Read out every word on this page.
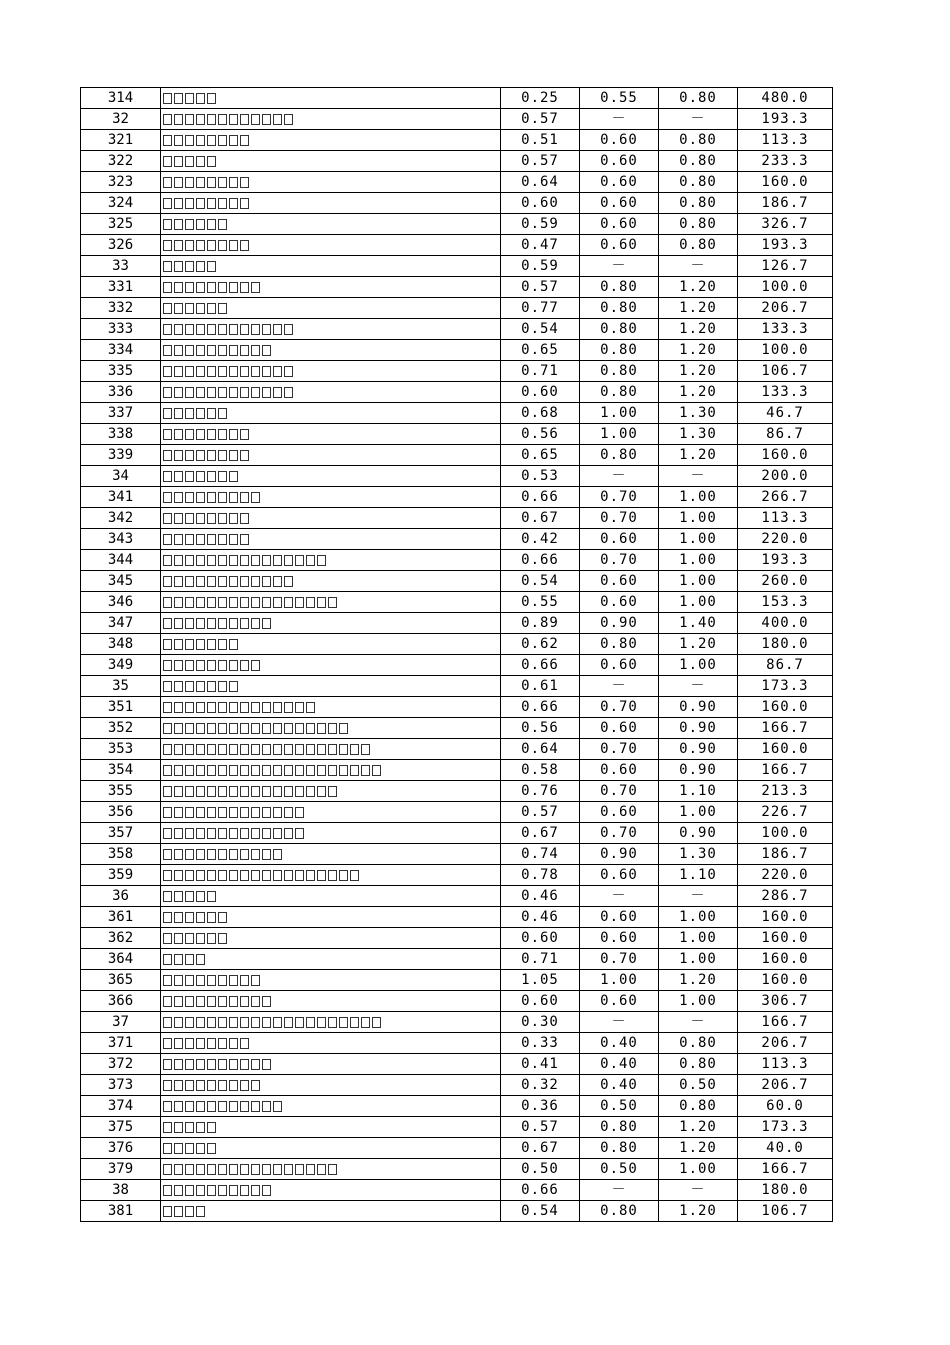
314		0.25	0.55	0.80	480.0
32		0.57	－	－	193.3
321		0.51	0.60	0.80	113.3
322		0.57	0.60	0.80	233.3
323		0.64	0.60	0.80	160.0
324		0.60	0.60	0.80	186.7
325		0.59	0.60	0.80	326.7
326		0.47	0.60	0.80	193.3
33		0.59	－	－	126.7
331		0.57	0.80	1.20	100.0
332		0.77	0.80	1.20	206.7
333		0.54	0.80	1.20	133.3
334		0.65	0.80	1.20	100.0
335		0.71	0.80	1.20	106.7
336		0.60	0.80	1.20	133.3
337		0.68	1.00	1.30	46.7
338		0.56	1.00	1.30	86.7
339		0.65	0.80	1.20	160.0
34		0.53	－	－	200.0
341		0.66	0.70	1.00	266.7
342		0.67	0.70	1.00	113.3
343		0.42	0.60	1.00	220.0
344		0.66	0.70	1.00	193.3
345		0.54	0.60	1.00	260.0
346		0.55	0.60	1.00	153.3
347		0.89	0.90	1.40	400.0
348		0.62	0.80	1.20	180.0
349		0.66	0.60	1.00	86.7
35		0.61	－	－	173.3
351		0.66	0.70	0.90	160.0
352		0.56	0.60	0.90	166.7
353		0.64	0.70	0.90	160.0
354		0.58	0.60	0.90	166.7
355		0.76	0.70	1.10	213.3
356		0.57	0.60	1.00	226.7
357		0.67	0.70	0.90	100.0
358		0.74	0.90	1.30	186.7
359		0.78	0.60	1.10	220.0
36		0.46	－	－	286.7
361		0.46	0.60	1.00	160.0
362		0.60	0.60	1.00	160.0
364		0.71	0.70	1.00	160.0
365		1.05	1.00	1.20	160.0
366		0.60	0.60	1.00	306.7
37		0.30	－	－	166.7
371		0.33	0.40	0.80	206.7
372		0.41	0.40	0.80	113.3
373		0.32	0.40	0.50	206.7
374		0.36	0.50	0.80	60.0
375		0.57	0.80	1.20	173.3
376		0.67	0.80	1.20	40.0
379		0.50	0.50	1.00	166.7
38		0.66	－	－	180.0
381		0.54	0.80	1.20	106.7
